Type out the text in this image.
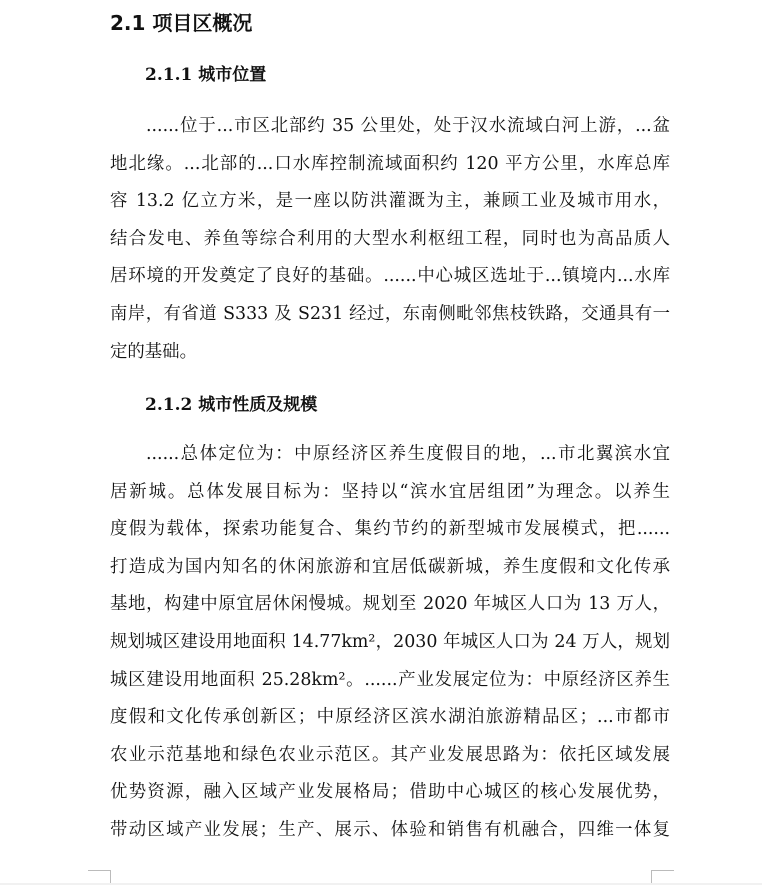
2.1 项目区概况
2.1.1 城市位置
......位于...市区北部约 35 公里处，处于汉水流域白河上游，...盆
地北缘。...北部的...口水库控制流域面积约 120 平方公里，水库总库
容 13.2 亿立方米，是一座以防洪灌溉为主，兼顾工业及城市用水，
结合发电、养鱼等综合利用的大型水利枢纽工程，同时也为高品质人
居环境的开发奠定了良好的基础。......中心城区选址于...镇境内...水库
南岸，有省道 S333 及 S231 经过，东南侧毗邻焦枝铁路，交通具有一
定的基础。
2.1.2 城市性质及规模
......总体定位为：中原经济区养生度假目的地，...市北翼滨水宜
居新城。总体发展目标为：坚持以“滨水宜居组团”为理念。以养生
度假为载体，探索功能复合、集约节约的新型城市发展模式，把......
打造成为国内知名的休闲旅游和宜居低碳新城，养生度假和文化传承
基地，构建中原宜居休闲慢城。规划至 2020 年城区人口为 13 万人，
规划城区建设用地面积 14.77km²，2030 年城区人口为 24 万人，规划
城区建设用地面积 25.28km²。......产业发展定位为：中原经济区养生
度假和文化传承创新区；中原经济区滨水湖泊旅游精品区；...市都市
农业示范基地和绿色农业示范区。其产业发展思路为：依托区域发展
优势资源，融入区域产业发展格局；借助中心城区的核心发展优势，
带动区域产业发展；生产、展示、体验和销售有机融合，四维一体复
